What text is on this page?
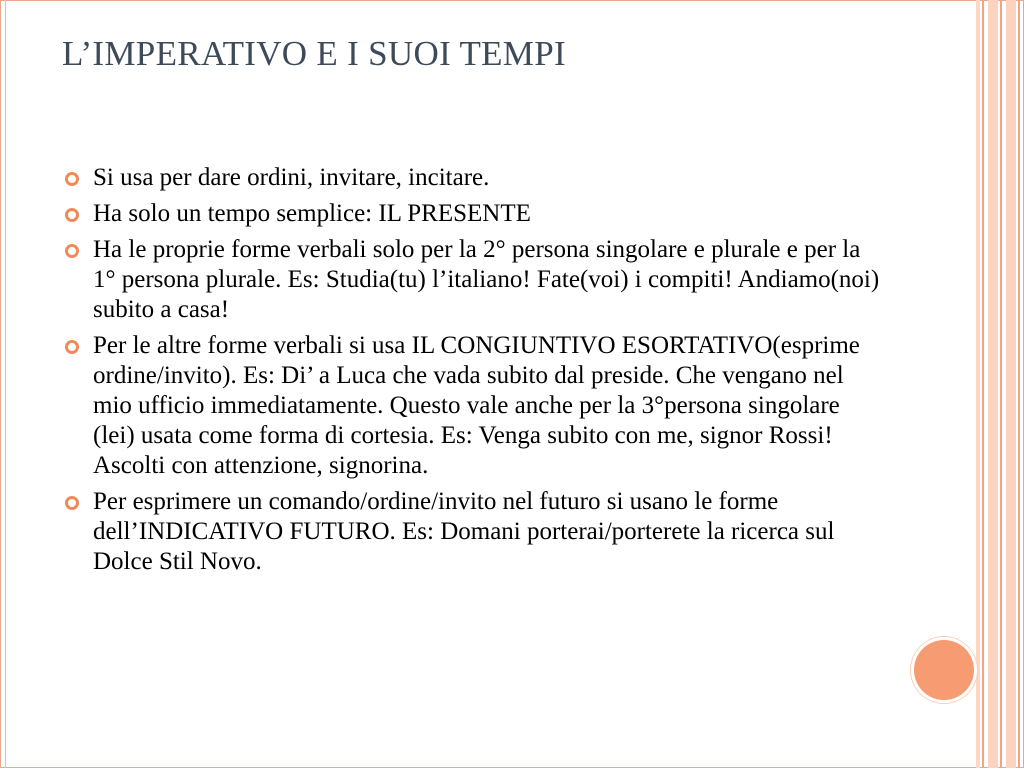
L’IMPERATIVO E I SUOI TEMPI
Si usa per dare ordini, invitare, incitare.
Ha solo un tempo semplice: IL PRESENTE
Ha le proprie forme verbali solo per la 2° persona singolare e plurale e per la 1° persona plurale. Es: Studia(tu) l’italiano! Fate(voi) i compiti! Andiamo(noi) subito a casa!
Per le altre forme verbali si usa IL CONGIUNTIVO ESORTATIVO(esprime ordine/invito). Es: Di’ a Luca che vada subito dal preside. Che vengano nel mio ufficio immediatamente. Questo vale anche per la 3°persona singolare (lei) usata come forma di cortesia. Es: Venga subito con me, signor Rossi! Ascolti con attenzione, signorina.
Per esprimere un comando/ordine/invito nel futuro si usano le forme dell’INDICATIVO FUTURO. Es: Domani porterai/porterete la ricerca sul Dolce Stil Novo.
